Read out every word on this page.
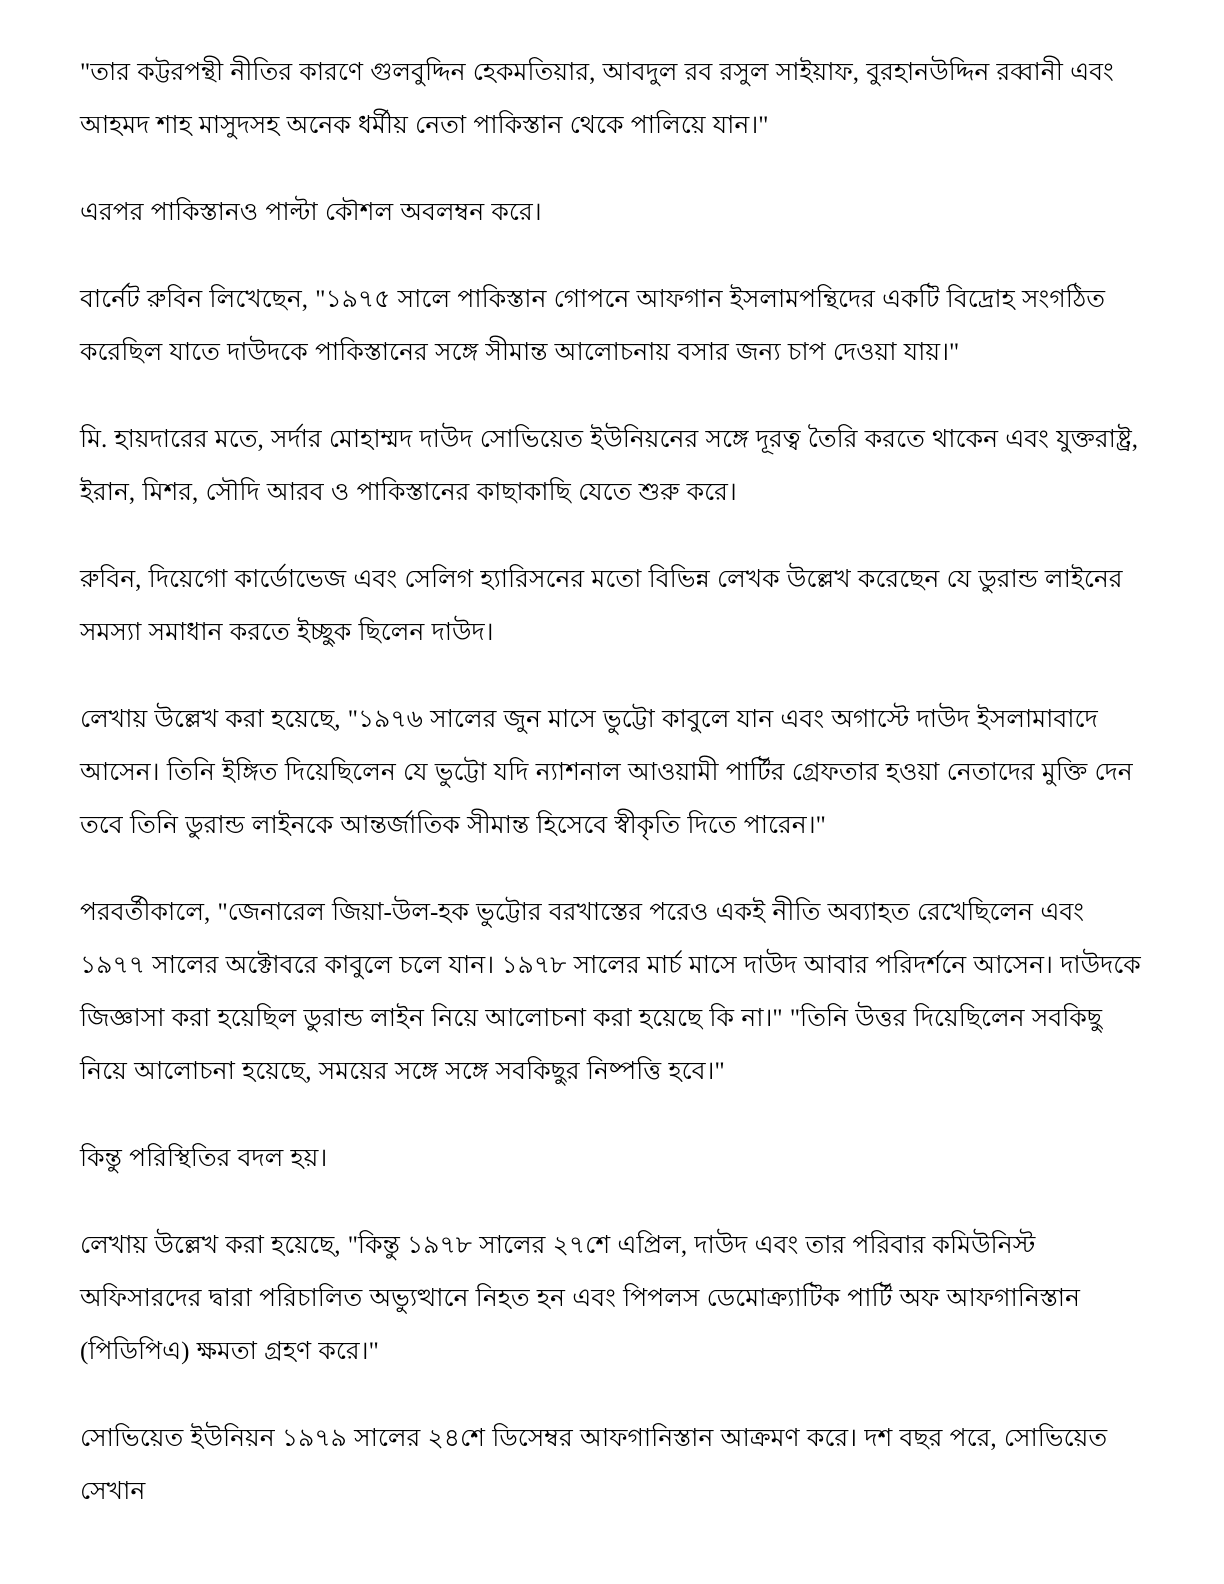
"তার কট্টরপন্থী নীতির কারণে গুলবুদ্দিন হেকমতিয়ার, আবদুল রব রসুল সাইয়াফ, বুরহানউদ্দিন রব্বানী এবং আহমদ শাহ মাসুদসহ অনেক ধর্মীয় নেতা পাকিস্তান থেকে পালিয়ে যান।"

এরপর পাকিস্তানও পাল্টা কৌশল অবলম্বন করে।

বার্নেট রুবিন লিখেছেন, "১৯৭৫ সালে পাকিস্তান গোপনে আফগান ইসলামপন্থিদের একটি বিদ্রোহ সংগঠিত করেছিল যাতে দাউদকে পাকিস্তানের সঙ্গে সীমান্ত আলোচনায় বসার জন্য চাপ দেওয়া যায়।"

মি. হায়দারের মতে, সর্দার মোহাম্মদ দাউদ সোভিয়েত ইউনিয়নের সঙ্গে দূরত্ব তৈরি করতে থাকেন এবং যুক্তরাষ্ট্র, ইরান, মিশর, সৌদি আরব ও পাকিস্তানের কাছাকাছি যেতে শুরু করে।

রুবিন, দিয়েগো কার্ডোভেজ এবং সেলিগ হ্যারিসনের মতো বিভিন্ন লেখক উল্লেখ করেছেন যে ডুরান্ড লাইনের সমস্যা সমাধান করতে ইচ্ছুক ছিলেন দাউদ।

লেখায় উল্লেখ করা হয়েছে, "১৯৭৬ সালের জুন মাসে ভুট্টো কাবুলে যান এবং অগাস্টে দাউদ ইসলামাবাদে আসেন। তিনি ইঙ্গিত দিয়েছিলেন যে ভুট্টো যদি ন্যাশনাল আওয়ামী পার্টির গ্রেফতার হওয়া নেতাদের মুক্তি দেন তবে তিনি ডুরান্ড লাইনকে আন্তর্জাতিক সীমান্ত হিসেবে স্বীকৃতি দিতে পারেন।"

পরবর্তীকালে, "জেনারেল জিয়া-উল-হক ভুট্টোর বরখাস্তের পরেও একই নীতি অব্যাহত রেখেছিলেন এবং ১৯৭৭ সালের অক্টোবরে কাবুলে চলে যান। ১৯৭৮ সালের মার্চ মাসে দাউদ আবার পরিদর্শনে আসেন। দাউদকে জিজ্ঞাসা করা হয়েছিল ডুরান্ড লাইন নিয়ে আলোচনা করা হয়েছে কি না।" "তিনি উত্তর দিয়েছিলেন সবকিছু নিয়ে আলোচনা হয়েছে, সময়ের সঙ্গে সঙ্গে সবকিছুর নিষ্পত্তি হবে।"

কিন্তু পরিস্থিতির বদল হয়।

লেখায় উল্লেখ করা হয়েছে, "কিন্তু ১৯৭৮ সালের ২৭শে এপ্রিল, দাউদ এবং তার পরিবার কমিউনিস্ট অফিসারদের দ্বারা পরিচালিত অভ্যুত্থানে নিহত হন এবং পিপলস ডেমোক্র্যাটিক পার্টি অফ আফগানিস্তান (পিডিপিএ) ক্ষমতা গ্রহণ করে।"

সোভিয়েত ইউনিয়ন ১৯৭৯ সালের ২৪শে ডিসেম্বর আফগানিস্তান আক্রমণ করে। দশ বছর পরে, সোভিয়েত সেখান
